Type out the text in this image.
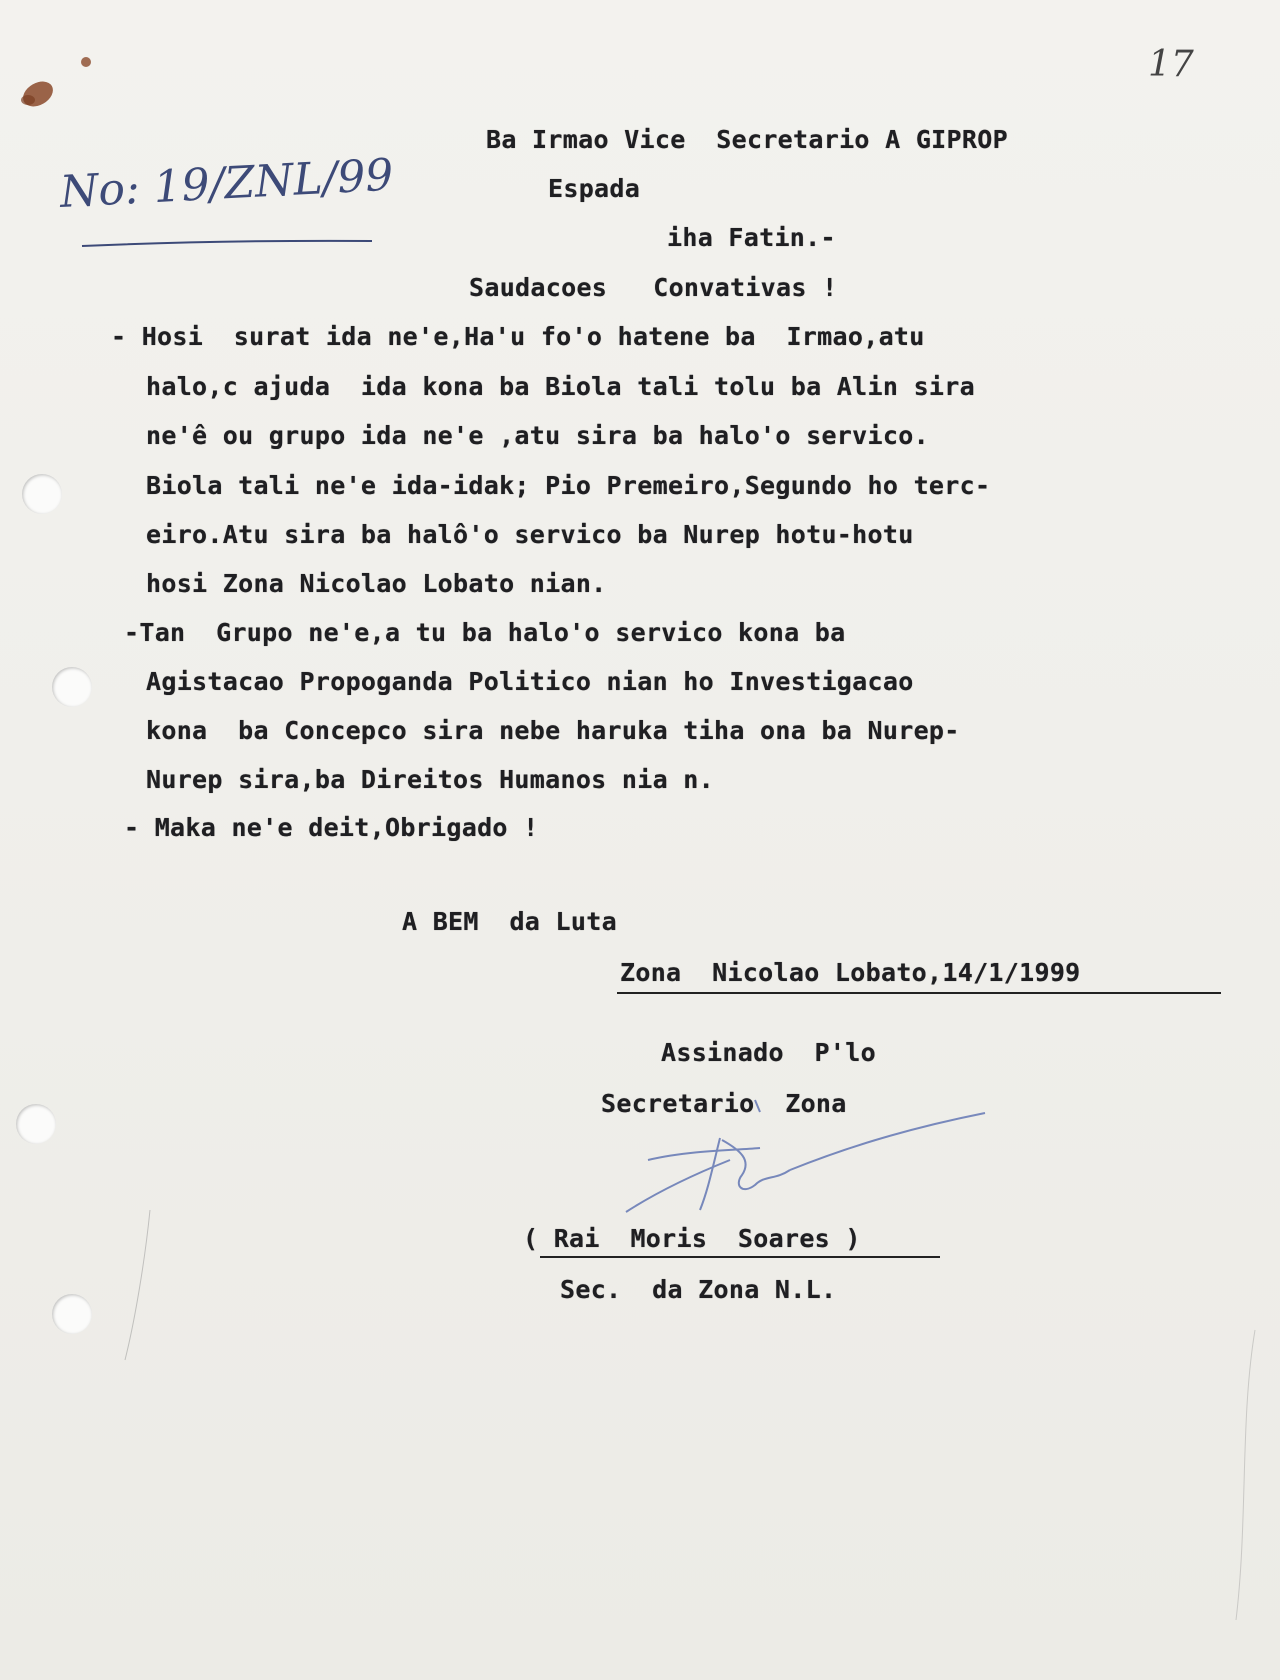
17
No: 19/ZNL/99
Ba Irmao Vice  Secretario A GIPROP
Espada
iha Fatin.-
Saudacoes   Convativas !
- Hosi  surat ida ne'e,Ha'u fo'o hatene ba  Irmao,atu
halo,c ajuda  ida kona ba Biola tali tolu ba Alin sira
ne'ê ou grupo ida ne'e ,atu sira ba halo'o servico.
Biola tali ne'e ida-idak; Pio Premeiro,Segundo ho terc-
eiro.Atu sira ba halô'o servico ba Nurep hotu-hotu
hosi Zona Nicolao Lobato nian.
-Tan  Grupo ne'e,a tu ba halo'o servico kona ba
Agistacao Propoganda Politico nian ho Investigacao
kona  ba Concepco sira nebe haruka tiha ona ba Nurep-
Nurep sira,ba Direitos Humanos nia n.
- Maka ne'e deit,Obrigado !
A BEM  da Luta
Zona  Nicolao Lobato,14/1/1999
Assinado  P'lo
Secretario  Zona
( Rai  Moris  Soares )
Sec.  da Zona N.L.
